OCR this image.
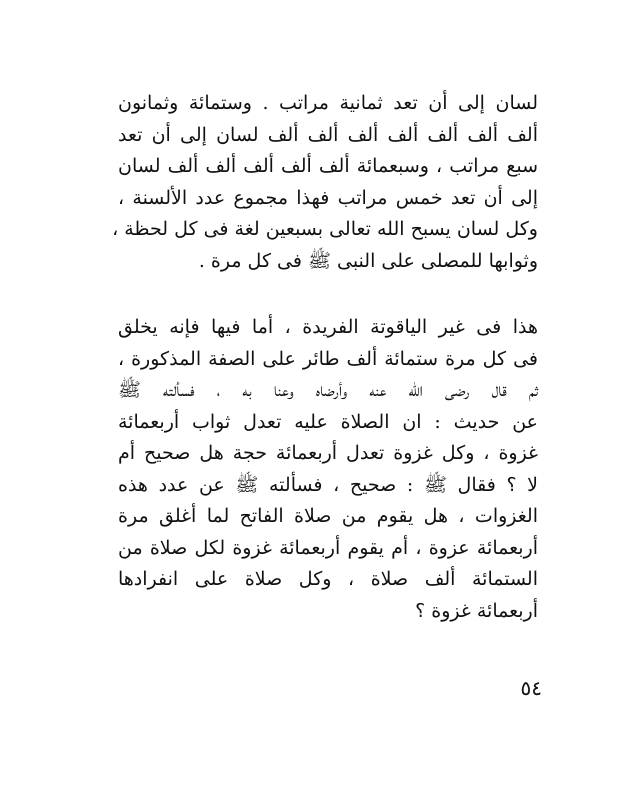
لسان إلى أن تعد ثمانية مراتب . وستمائة وثمانون
ألف ألف ألف ألف ألف ألف ألف لسان إلى أن تعد
سبع مراتب ، وسبعمائة ألف ألف ألف ألف ألف لسان
إلى أن تعد خمس مراتب فهذا مجموع عدد الألسنة ،
وكل لسان يسبح الله تعالى بسبعين لغة فى كل لحظة ،
وثوابها للمصلى على النبى ﷺ فى كل مرة .
هذا فى غير الياقوتة الفريدة ، أما فيها فإنه يخلق
فى كل مرة ستمائة ألف طائر على الصفة المذكورة ،
ثم قال رضى الله عنه وأرضاه وعنا به ، فسألته ﷺ
عن حديث : ان الصلاة عليه تعدل ثواب أربعمائة
غزوة ، وكل غزوة تعدل أربعمائة حجة هل صحيح أم
لا ؟ فقال ﷺ : صحيح ، فسألته ﷺ عن عدد هذه
الغزوات ، هل يقوم من صلاة الفاتح لما أغلق مرة
أربعمائة عزوة ، أم يقوم أربعمائة غزوة لكل صلاة من
الستمائة ألف صلاة ، وكل صلاة على انفرادها
أربعمائة غزوة ؟
٥٤
